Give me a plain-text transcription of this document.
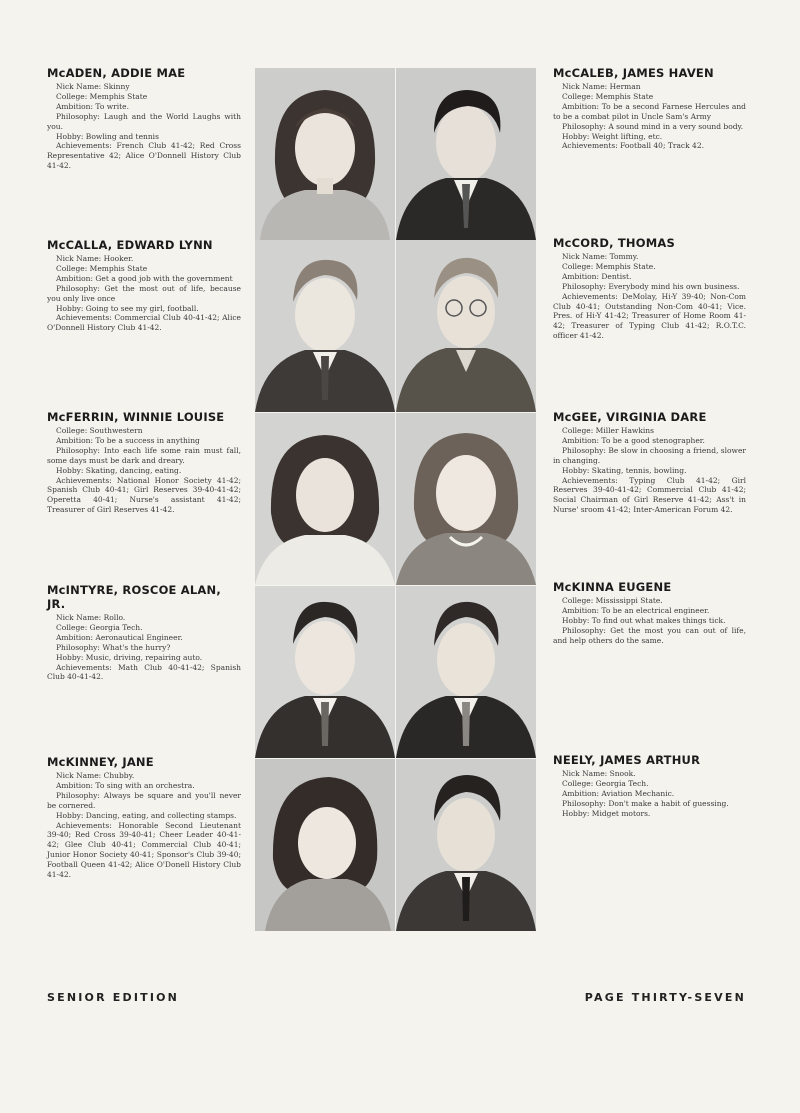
McADEN, ADDIE MAE
Nick Name: Skinny
College: Memphis State
Ambition: To write.
Philosophy: Laugh and the World Laughs with you.
Hobby: Bowling and tennis
Achievements: French Club 41-42; Red Cross Representative 42; Alice O'Donnell History Club 41-42.
McCALEB, JAMES HAVEN
Nick Name: Herman
College: Memphis State
Ambition: To be a second Farnese Hercules and to be a combat pilot in Uncle Sam's Army
Philosophy: A sound mind in a very sound body.
Hobby: Weight lifting, etc.
Achievements: Football 40; Track 42.
McCALLA, EDWARD LYNN
Nick Name: Hooker.
College: Memphis State
Ambition: Get a good job with the government
Philosophy: Get the most out of life, because you only live once
Hobby: Going to see my girl, football.
Achievements: Commercial Club 40-41-42; Alice O'Donnell History Club 41-42.
McCORD, THOMAS
Nick Name: Tommy.
College: Memphis State.
Ambition: Dentist.
Philosophy: Everybody mind his own business.
Achievements: DeMolay, Hi-Y 39-40; Non-Com Club 40-41; Outstanding Non-Com 40-41; Vice. Pres. of Hi-Y 41-42; Treasurer of Home Room 41-42; Treasurer of Typing Club 41-42; R.O.T.C. officer 41-42.
McFERRIN, WINNIE LOUISE
College: Southwestern
Ambition: To be a success in anything
Philosophy: Into each life some rain must fall, some days must be dark and dreary.
Hobby: Skating, dancing, eating.
Achievements: National Honor Society 41-42; Spanish Club 40-41; Girl Reserves 39-40-41-42; Operetta 40-41; Nurse's assistant 41-42; Treasurer of Girl Reserves 41-42.
McGEE, VIRGINIA DARE
College: Miller Hawkins
Ambition: To be a good stenographer.
Philosophy: Be slow in choosing a friend, slower in changing.
Hobby: Skating, tennis, bowling.
Achievements: Typing Club 41-42; Girl Reserves 39-40-41-42; Commercial Club 41-42; Social Chairman of Girl Reserve 41-42; Ass't in Nurse' sroom 41-42; Inter-American Forum 42.
McINTYRE, ROSCOE ALAN, JR.
Nick Name: Rollo.
College: Georgia Tech.
Ambition: Aeronautical Engineer.
Philosophy: What's the hurry?
Hobby: Music, driving, repairing auto.
Achievements: Math Club 40-41-42; Spanish Club 40-41-42.
McKINNA EUGENE
College: Mississippi State.
Ambition: To be an electrical engineer.
Hobby: To find out what makes things tick.
Philosophy: Get the most you can out of life, and help others do the same.
McKINNEY, JANE
Nick Name: Chubby.
Ambition: To sing with an orchestra.
Philosophy: Always be square and you'll never be cornered.
Hobby: Dancing, eating, and collecting stamps.
Achievements: Honorable Second Lieutenant 39-40; Red Cross 39-40-41; Cheer Leader 40-41-42; Glee Club 40-41; Commercial Club 40-41; Junior Honor Society 40-41; Sponsor's Club 39-40; Football Queen 41-42; Alice O'Donell History Club 41-42.
NEELY, JAMES ARTHUR
Nick Name: Snook.
College: Georgia Tech.
Ambition: Aviation Mechanic.
Philosophy: Don't make a habit of guessing.
Hobby: Midget motors.
SENIOR EDITION	PAGE THIRTY-SEVEN
